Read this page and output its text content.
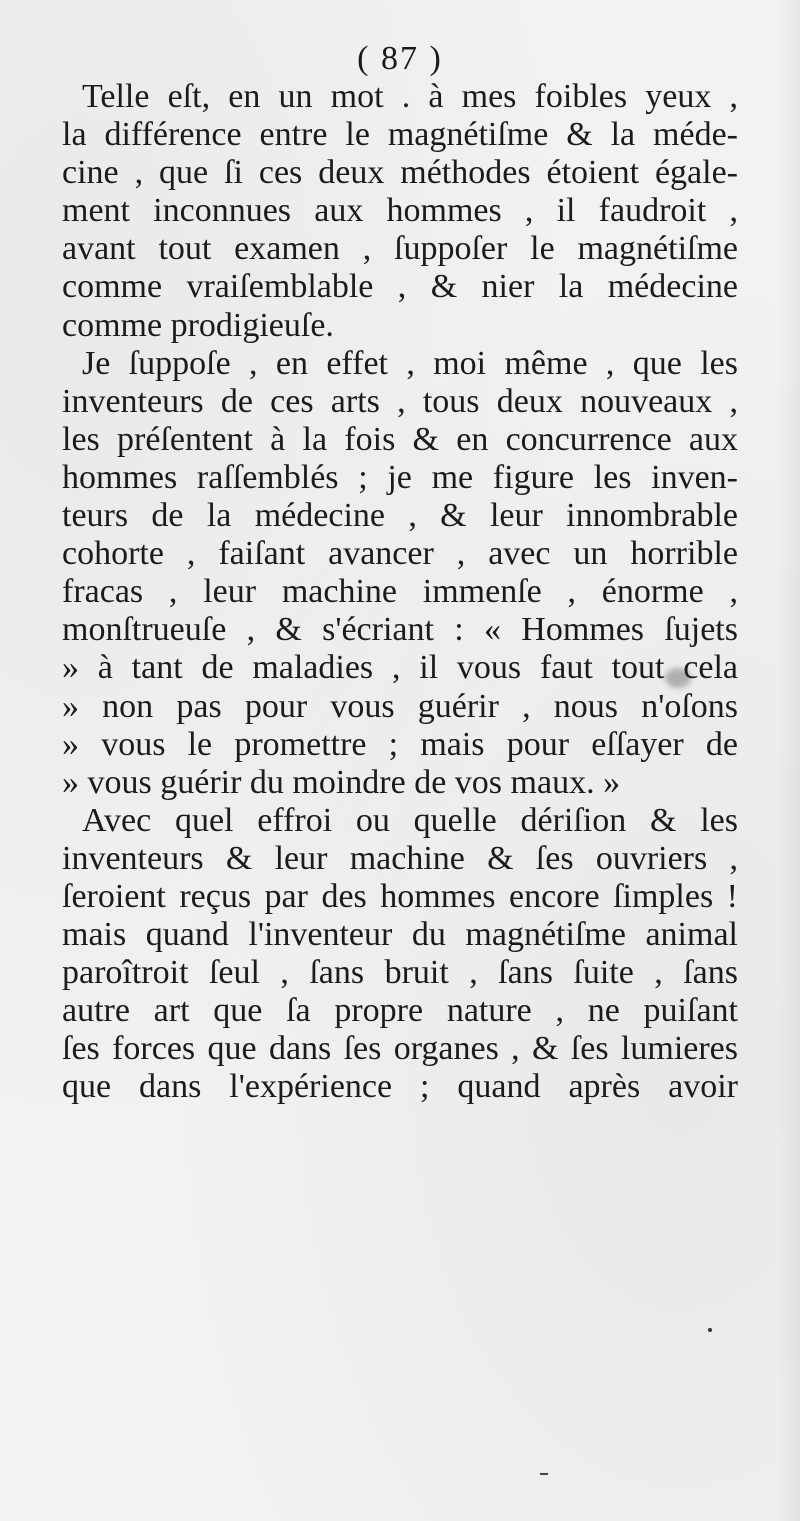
( 87 )
Telle eſt, en un mot . à mes foibles yeux ,
la différence entre le magnétiſme & la méde-
cine , que ſi ces deux méthodes étoient égale-
ment inconnues aux hommes , il faudroit ,
avant tout examen , ſuppoſer le magnétiſme
comme vraiſemblable , & nier la médecine
comme prodigieuſe.
Je ſuppoſe , en effet , moi même , que les
inventeurs de ces arts , tous deux nouveaux ,
les préſentent à la fois & en concurrence aux
hommes raſſemblés ; je me figure les inven-
teurs de la médecine , & leur innombrable
cohorte , faiſant avancer , avec un horrible
fracas , leur machine immenſe , énorme ,
monſtrueuſe , & s'écriant : « Hommes ſujets
» à tant de maladies , il vous faut tout cela
» non pas pour vous guérir , nous n'oſons
» vous le promettre ; mais pour eſſayer de
» vous guérir du moindre de vos maux. »
Avec quel effroi ou quelle dériſion & les
inventeurs & leur machine & ſes ouvriers ,
ſeroient reçus par des hommes encore ſimples !
mais quand l'inventeur du magnétiſme animal
paroîtroit ſeul , ſans bruit , ſans ſuite , ſans
autre art que ſa propre nature , ne puiſant
ſes forces que dans ſes organes , & ſes lumieres
que dans l'expérience ; quand après avoir
